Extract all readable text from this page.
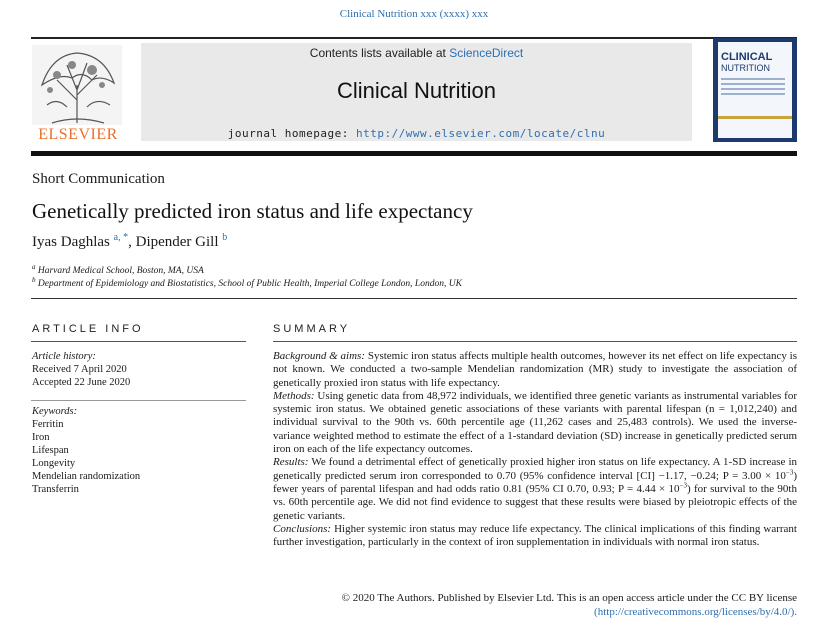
Clinical Nutrition xxx (xxxx) xxx
ELSEVIER
Contents lists available at ScienceDirect
Clinical Nutrition
journal homepage: http://www.elsevier.com/locate/clnu
CLINICAL
NUTRITION
Short Communication
Genetically predicted iron status and life expectancy
Iyas Daghlas $^{a, *}$, Dipender Gill $^b$
$^a$ Harvard Medical School, Boston, MA, USA
$^b$ Department of Epidemiology and Biostatistics, School of Public Health, Imperial College London, London, UK
ARTICLE INFO	SUMMARY
Article history:
Received 7 April 2020
Accepted 22 June 2020
Keywords:
Ferritin
Iron
Lifespan
Longevity
Mendelian randomization
Transferrin

Background & aims: Systemic iron status affects multiple health outcomes, however its net effect on life expectancy is not known. We conducted a two-sample Mendelian randomization (MR) study to investigate the association of genetically proxied iron status with life expectancy.

Methods: Using genetic data from 48,972 individuals, we identified three genetic variants as instrumental variables for systemic iron status. We obtained genetic associations of these variants with parental lifespan (n = 1,012,240) and individual survival to the 90th vs. 60th percentile age (11,262 cases and 25,483 controls). We used the inverse-variance weighted method to estimate the effect of a 1-standard deviation (SD) increase in genetically predicted serum iron on each of the life expectancy outcomes.

Results: We found a detrimental effect of genetically proxied higher iron status on life expectancy. A 1-SD increase in genetically predicted serum iron corresponded to 0.70 (95% confidence interval [CI] −1.17, −0.24; $P = 3.00 \times 10^{-3}$) fewer years of parental lifespan and had odds ratio 0.81 (95% CI 0.70, 0.93; $P = 4.44 \times 10^{-3}$) for survival to the 90th vs. 60th percentile age. We did not find evidence to suggest that these results were biased by pleiotropic effects of the genetic variants.

Conclusions: Higher systemic iron status may reduce life expectancy. The clinical implications of this finding warrant further investigation, particularly in the context of iron supplementation in individuals with normal iron status.

© 2020 The Authors. Published by Elsevier Ltd. This is an open access article under the CC BY license
(http://creativecommons.org/licenses/by/4.0/).
